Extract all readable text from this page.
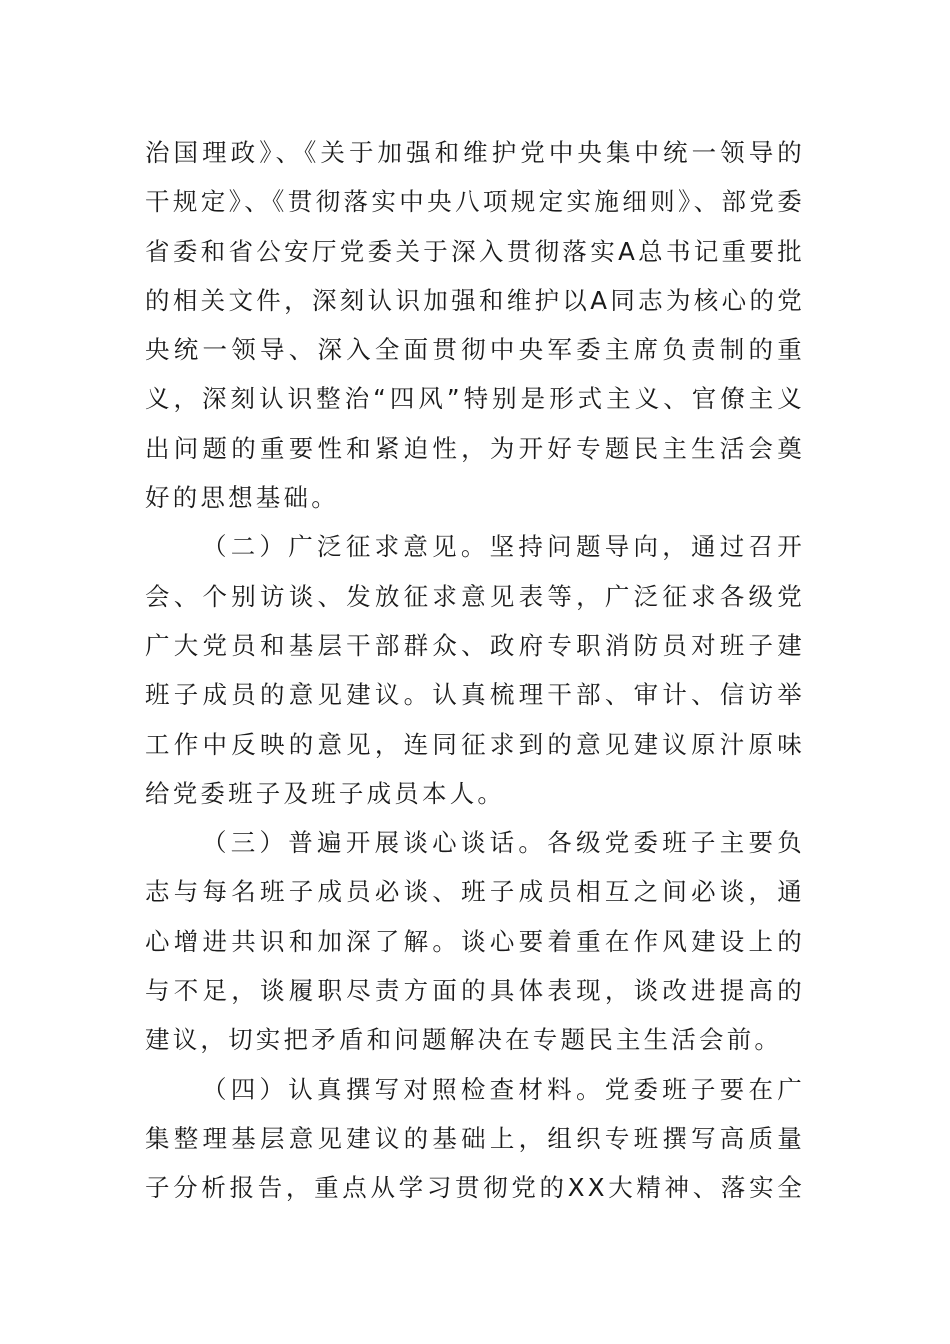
治国理政》、《关于加强和维护党中央集中统一领导的
干规定》、《贯彻落实中央八项规定实施细则》、部党委
省委和省公安厅党委关于深入贯彻落实A总书记重要批
的相关文件，深刻认识加强和维护以A同志为核心的党
央统一领导、深入全面贯彻中央军委主席负责制的重
义，深刻认识整治“四风”特别是形式主义、官僚主义
出问题的重要性和紧迫性，为开好专题民主生活会奠
好的思想基础。
（二）广泛征求意见。坚持问题导向，通过召开
会、个别访谈、发放征求意见表等，广泛征求各级党
广大党员和基层干部群众、政府专职消防员对班子建
班子成员的意见建议。认真梳理干部、审计、信访举
工作中反映的意见，连同征求到的意见建议原汁原味
给党委班子及班子成员本人。
（三）普遍开展谈心谈话。各级党委班子主要负
志与每名班子成员必谈、班子成员相互之间必谈，通
心增进共识和加深了解。谈心要着重在作风建设上的
与不足，谈履职尽责方面的具体表现，谈改进提高的
建议，切实把矛盾和问题解决在专题民主生活会前。
（四）认真撰写对照检查材料。党委班子要在广
集整理基层意见建议的基础上，组织专班撰写高质量
子分析报告，重点从学习贯彻党的XX大精神、落实全
